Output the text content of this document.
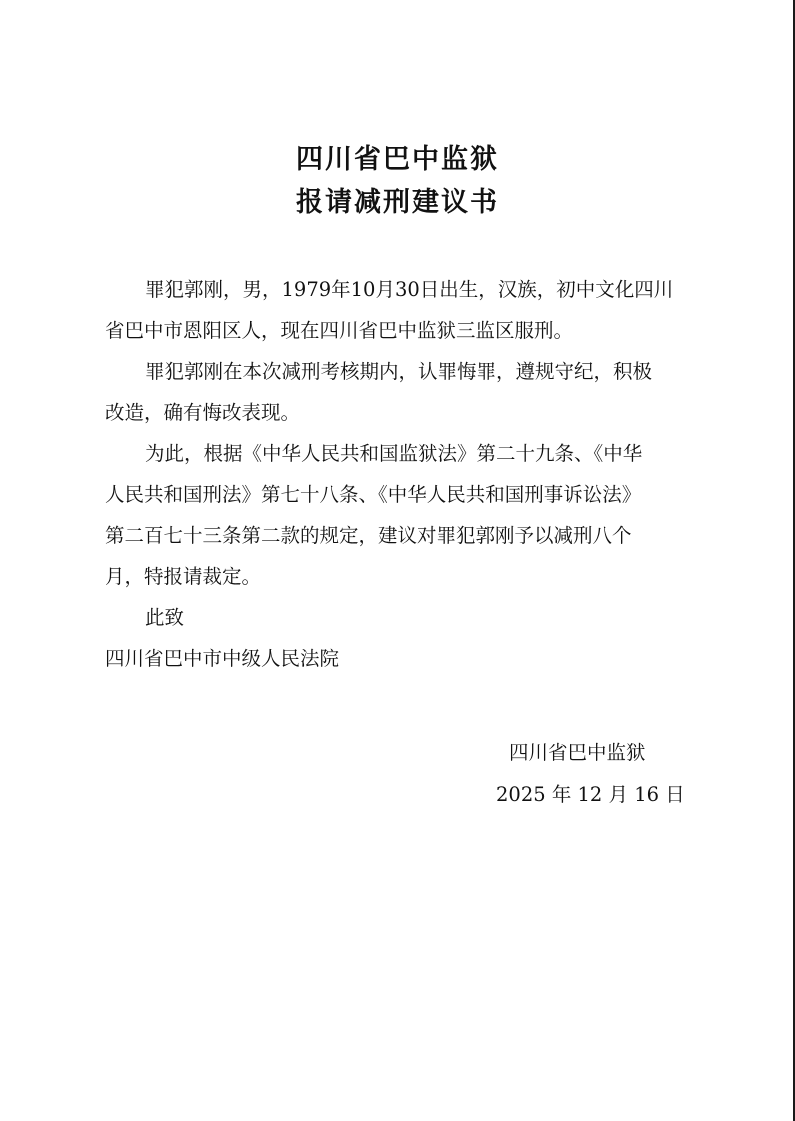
四川省巴中监狱
报请减刑建议书
罪犯郭刚，男，1979年10月30日出生，汉族，初中文化四川
省巴中市恩阳区人，现在四川省巴中监狱三监区服刑。
罪犯郭刚在本次减刑考核期内，认罪悔罪，遵规守纪，积极
改造，确有悔改表现。
为此，根据《中华人民共和国监狱法》第二十九条、《中华
人民共和国刑法》第七十八条、《中华人民共和国刑事诉讼法》
第二百七十三条第二款的规定，建议对罪犯郭刚予以减刑八个
月，特报请裁定。
此致
四川省巴中市中级人民法院
四川省巴中监狱
2025 年 12 月 16 日
